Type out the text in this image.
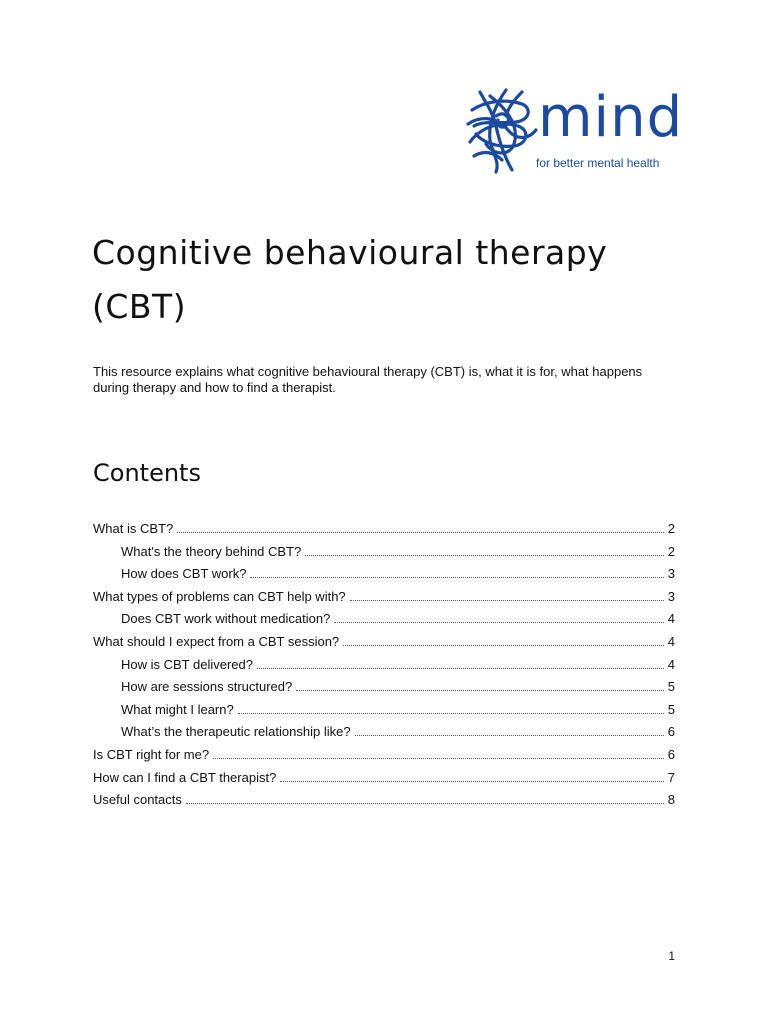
mind
for better mental health
Cognitive behavioural therapy (CBT)

This resource explains what cognitive behavioural therapy (CBT) is, what it is for, what happens during therapy and how to find a therapist.

Contents
What is CBT?	2
What's the theory behind CBT?	2
How does CBT work?	3
What types of problems can CBT help with?	3
Does CBT work without medication?	4
What should I expect from a CBT session?	4
How is CBT delivered?	4
How are sessions structured?	5
What might I learn?	5
What’s the therapeutic relationship like?	6
Is CBT right for me?	6
How can I find a CBT therapist?	7
Useful contacts	8
1
